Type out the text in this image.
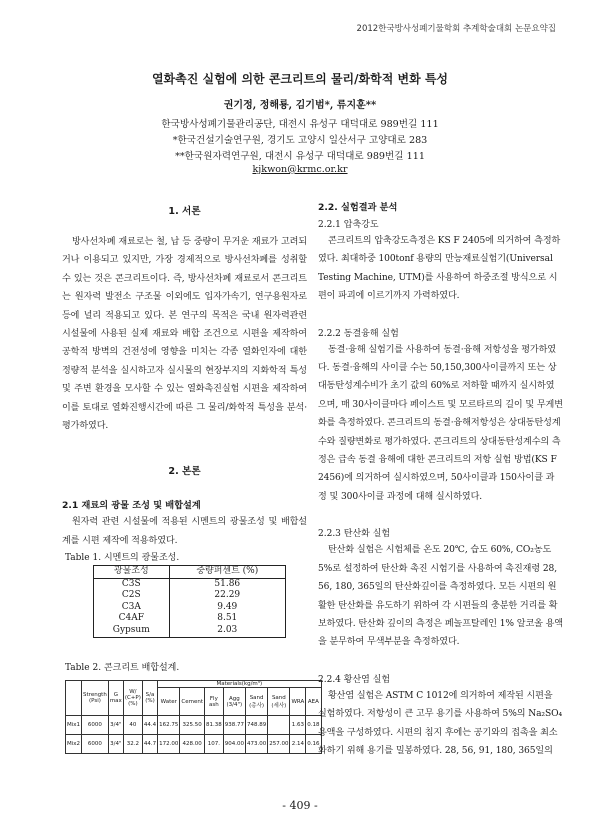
2012한국방사성폐기물학회 추계학술대회 논문요약집
열화촉진 실험에 의한 콘크리트의 물리/화학적 변화 특성
권기정, 정해룡, 김기범*, 류지훈**
한국방사성폐기물관리공단, 대전시 유성구 대덕대로 989번길 111
*한국건설기술연구원, 경기도 고양시 일산서구 고양대로 283
**한국원자력연구원, 대전시 유성구 대덕대로 989번길 111
kjkwon@krmc.or.kr
1. 서론

방사선차폐 재료로는 철, 납 등 중량이 무거운 재료가 고려되거나 이용되고 있지만, 가장 경제적으로 방사선차폐를 성취할 수 있는 것은 콘크리트이다. 즉, 방사선차폐 재료로서 콘크리트는 원자력 발전소 구조물 이외에도 입자가속기, 연구용원자로 등에 널리 적용되고 있다. 본 연구의 목적은 국내 원자력관련 시설물에 사용된 실제 재료와 배합 조건으로 시편을 제작하여 공학적 방벽의 건전성에 영향을 미치는 각종 열화인자에 대한 정량적 분석을 실시하고자 실시물의 현장부지의 지화학적 특성 및 주변 환경을 모사할 수 있는 열화촉진실험 시편을 제작하여 이를 토대로 열화진행시간에 따른 그 물리/화학적 특성을 분석·평가하였다.

2. 본론
2.1 재료의 광물 조성 및 배합설계

원자력 관련 시설물에 적용된 시멘트의 광물조성 및 배합설계를 시편 제작에 적용하였다.

Table 1. 시멘트의 광물조성.
광물조성	중량퍼센트 (%)
C3S	51.86
C2S	22.29
C3A	9.49
C4AF	8.51
Gypsum	2.03
Table 2. 콘크리트 배합설계.
	Strength (Psi)	G max	W/ (C+P) (%)	S/a (%)	Materials(kg/m³)							
					Water	Cement	Fly ash	Agg (3/4")	Sand (총사)	Sand (세사)	WRA	AEA
Mix1	6000	3/4"	40	44.4	162.75	325.50	81.38	938.77	748.89		1.63	0.18
Mix2	6000	3/4"	32.2	44.7	172.00	428.00	107.	904.00	473.00	257.00	2.14	0.16
2.2. 실험결과 분석
2.2.1 압축강도

콘크리트의 압축강도측정은 KS F 2405에 의거하여 측정하였다. 최대하중 100tonf 용량의 만능재료실험기(Universal Testing Machine, UTM)를 사용하여 하중조절 방식으로 시편이 파괴에 이르기까지 가력하였다.

2.2.2 동결융해 실험

동결·융해 실험기를 사용하여 동결·융해 저항성을 평가하였다. 동결·융해의 사이클 수는 50,150,300사이클까지 또는 상대동탄성계수비가 초기 값의 60%로 저하할 때까지 실시하였으며, 매 30사이클마다 페이스트 및 모르타르의 길이 및 무게변화를 측정하였다. 콘크리트의 동결·융해저항성은 상대동탄성계수와 질량변화로 평가하였다. 콘크리트의 상대동탄성계수의 측정은 급속 동결 융해에 대한 콘크리트의 저항 실험 방법(KS F 2456)에 의거하여 실시하였으며, 50사이클과 150사이클 과정 및 300사이클 과정에 대해 실시하였다.

2.2.3 탄산화 실험

탄산화 실험은 시험체를 온도 20℃, 습도 60%, CO₂농도 5%로 설정하여 탄산화 촉진 시험기를 사용하여 촉진재령 28, 56, 180, 365일의 탄산화깊이를 측정하였다. 모든 시편의 원활한 탄산화를 유도하기 위하여 각 시편들의 충분한 거리를 확보하였다. 탄산화 깊이의 측정은 페놀프탈레인 1% 알코올 용액을 분무하여 무색부분을 측정하였다.

2.2.4 황산염 실험

황산염 실험은 ASTM C 1012에 의거하여 제작된 시편을 실험하였다. 저항성이 큰 고무 용기를 사용하여 5%의 Na₂SO₄용액을 구성하였다. 시편의 침지 후에는 공기와의 접촉을 최소화하기 위해 용기를 밀봉하였다. 28, 56, 91, 180, 365일의

- 409 -
